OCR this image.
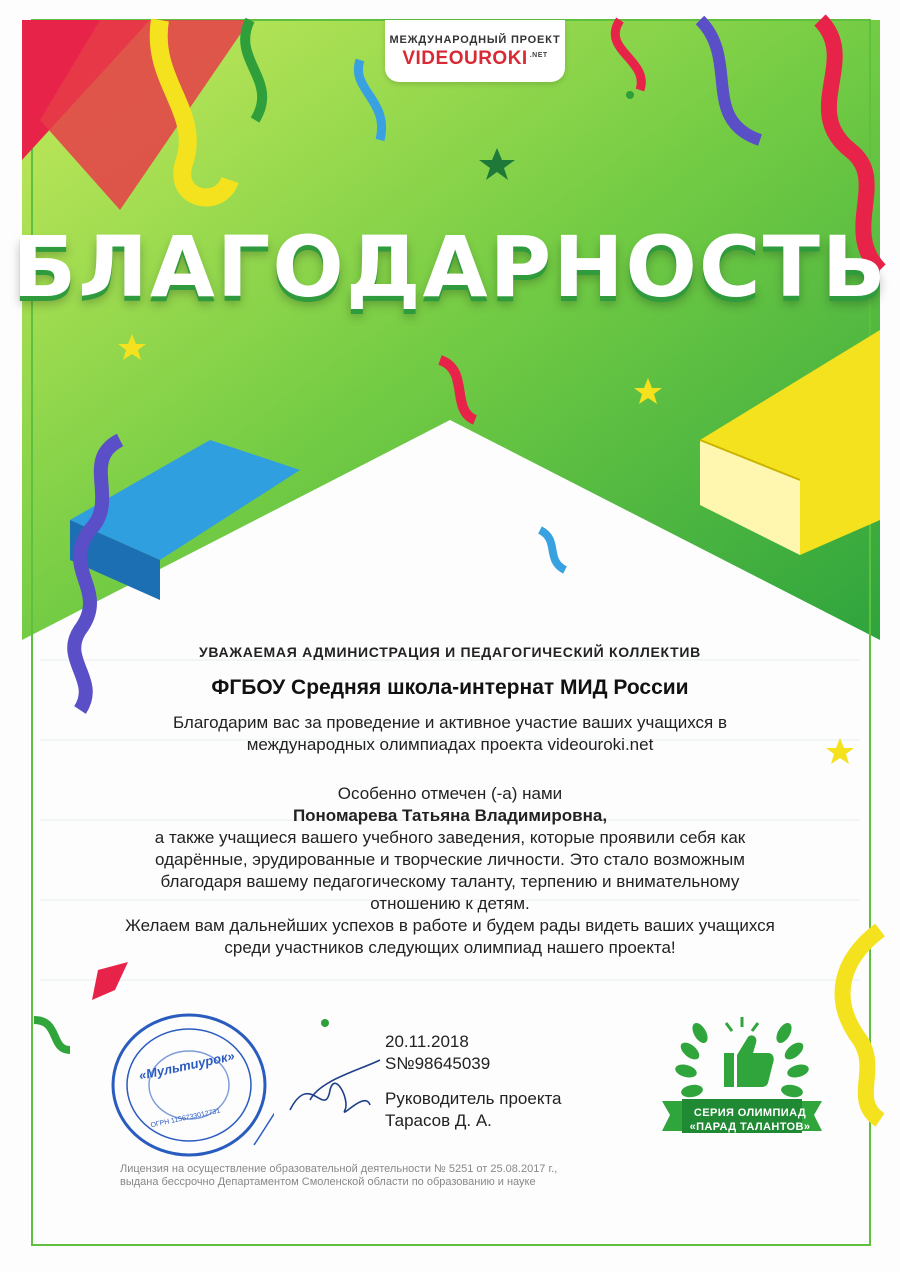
МЕЖДУНАРОДНЫЙ ПРОЕКТ
VIDEOUROKI $^{.NET}$
БЛАГОДАРНОСТЬ
УВАЖАЕМАЯ АДМИНИСТРАЦИЯ И ПЕДАГОГИЧЕСКИЙ КОЛЛЕКТИВ
ФГБОУ Средняя школа-интернат МИД России
Благодарим вас за проведение и активное участие ваших учащихся в международных олимпиадах проекта videouroki.net
Особенно отмечен (-а) нами
Пономарева Татьяна Владимировна,
а также учащиеся вашего учебного заведения, которые проявили себя как одарённые, эрудированные и творческие личности. Это стало возможным благодаря вашему педагогическому таланту, терпению и внимательному отношению к детям.
Желаем вам дальнейших успехов в работе и будем рады видеть ваших учащихся среди участников следующих олимпиад нашего проекта!
«Мультиурок»
ОГРН 1156733012731
20.11.2018
S№98645039
Руководитель проекта
Тарасов Д. А.
Лицензия на осуществление образовательной деятельности № 5251 от 25.08.2017 г.,
выдана бессрочно Департаментом Смоленской области по образованию и науке
СЕРИЯ ОЛИМПИАД
«ПАРАД ТАЛАНТОВ»
